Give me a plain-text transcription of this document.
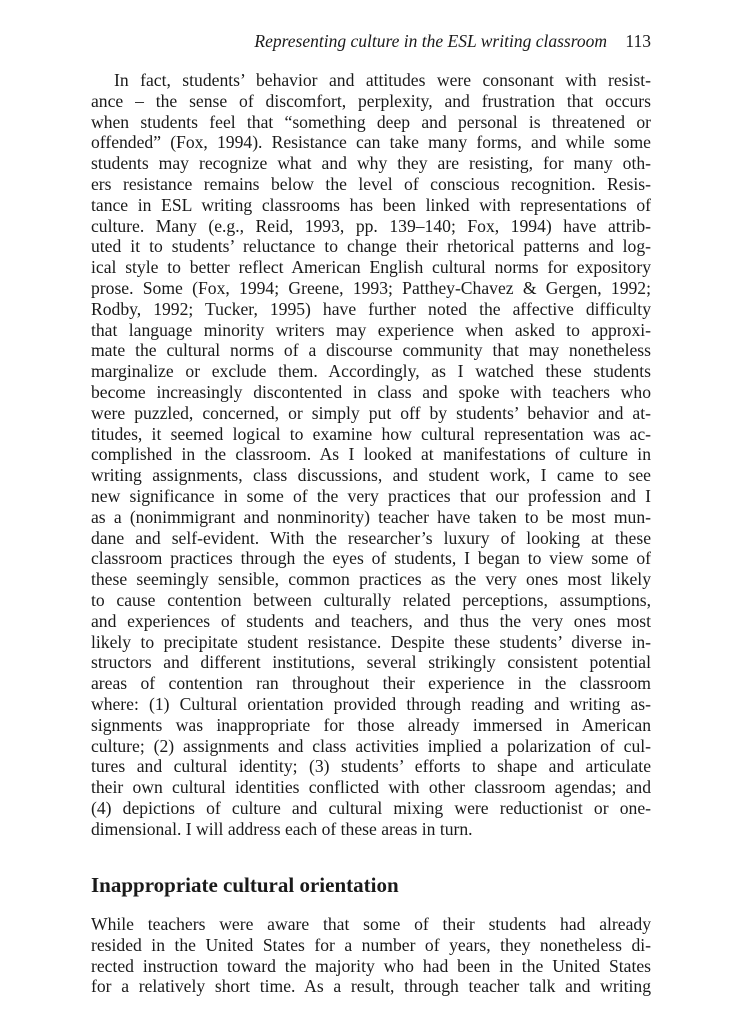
Representing culture in the ESL writing classroom 113
In fact, students’ behavior and attitudes were consonant with resist-
ance – the sense of discomfort, perplexity, and frustration that occurs
when students feel that “something deep and personal is threatened or
offended” (Fox, 1994). Resistance can take many forms, and while some
students may recognize what and why they are resisting, for many oth-
ers resistance remains below the level of conscious recognition. Resis-
tance in ESL writing classrooms has been linked with representations of
culture. Many (e.g., Reid, 1993, pp. 139–140; Fox, 1994) have attrib-
uted it to students’ reluctance to change their rhetorical patterns and log-
ical style to better reflect American English cultural norms for expository
prose. Some (Fox, 1994; Greene, 1993; Patthey-Chavez & Gergen, 1992;
Rodby, 1992; Tucker, 1995) have further noted the affective difficulty
that language minority writers may experience when asked to approxi-
mate the cultural norms of a discourse community that may nonetheless
marginalize or exclude them. Accordingly, as I watched these students
become increasingly discontented in class and spoke with teachers who
were puzzled, concerned, or simply put off by students’ behavior and at-
titudes, it seemed logical to examine how cultural representation was ac-
complished in the classroom. As I looked at manifestations of culture in
writing assignments, class discussions, and student work, I came to see
new significance in some of the very practices that our profession and I
as a (nonimmigrant and nonminority) teacher have taken to be most mun-
dane and self-evident. With the researcher’s luxury of looking at these
classroom practices through the eyes of students, I began to view some of
these seemingly sensible, common practices as the very ones most likely
to cause contention between culturally related perceptions, assumptions,
and experiences of students and teachers, and thus the very ones most
likely to precipitate student resistance. Despite these students’ diverse in-
structors and different institutions, several strikingly consistent potential
areas of contention ran throughout their experience in the classroom
where: (1) Cultural orientation provided through reading and writing as-
signments was inappropriate for those already immersed in American
culture; (2) assignments and class activities implied a polarization of cul-
tures and cultural identity; (3) students’ efforts to shape and articulate
their own cultural identities conflicted with other classroom agendas; and
(4) depictions of culture and cultural mixing were reductionist or one-
dimensional. I will address each of these areas in turn.
Inappropriate cultural orientation
While teachers were aware that some of their students had already
resided in the United States for a number of years, they nonetheless di-
rected instruction toward the majority who had been in the United States
for a relatively short time. As a result, through teacher talk and writing
